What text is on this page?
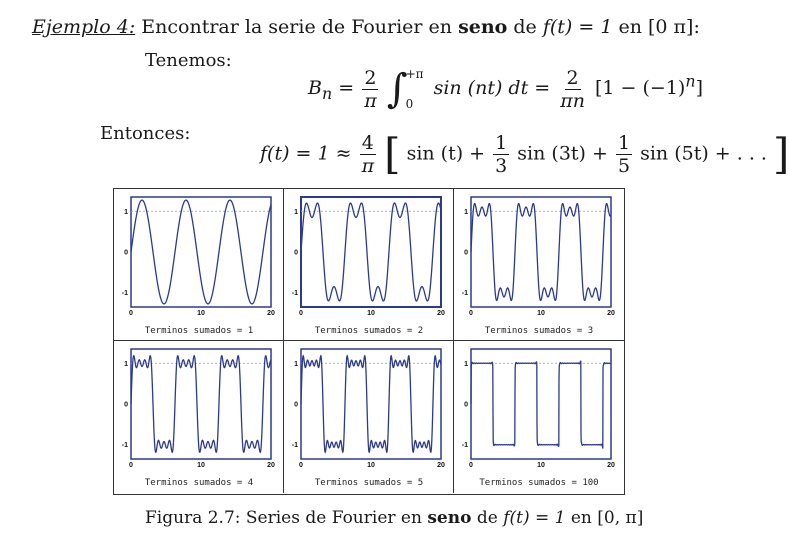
Ejemplo 4: Encontrar la serie de Fourier en seno de f(t) = 1 en [0 π]:
Tenemos:
$B_n = \frac{2}{\pi}$ ∫
+π
0
sin (nt) dt = $\frac{2}{\pi n} [1 - (-1)^n]$
Entonces:
$f(t) = 1 \approx \frac{4}{\pi}$ [ $\sin (t) + \frac{1}{3}$ $\sin (3t) + \frac{1}{5}$ sin (5t) + . . . ]
1
0
-1
0	10	20
Terminos sumados = 1
1
0
-1
0	10	20
Terminos sumados = 2
1
0
-1
0	10	20
Terminos sumados = 3
1
0
-1
0	10	20
Terminos sumados = 4
1
0
-1
0	10	20
Terminos sumados = 5
1
0
-1
0	10	20
Terminos sumados = 100
Figura 2.7: Series de Fourier en seno de f(t) = 1 en [0, π]
